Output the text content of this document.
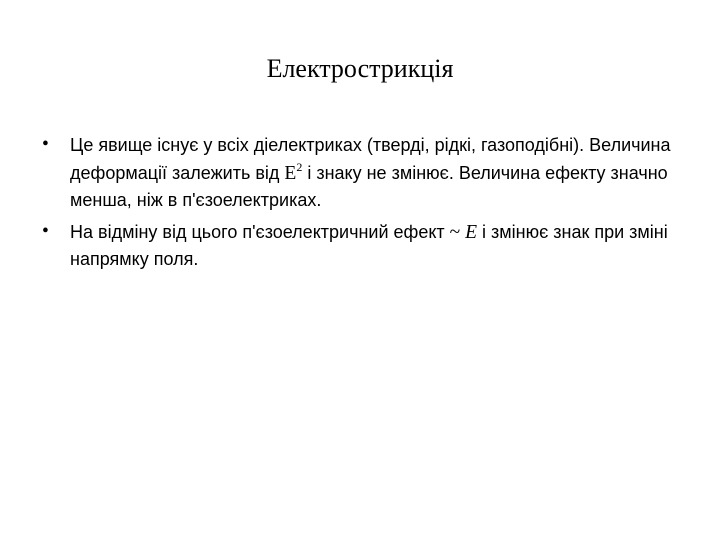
Електрострикція
•	Це явище існує у всіх діелектриках (тверді, рідкі, газоподібні). Величина деформації залежить від $E^2$ і знаку не змінює. Величина ефекту значно менша, ніж в п'єзоелектриках.
•	На відміну від цього п'єзоелектричний ефект ~ E і змінює знак при зміні напрямку поля.
